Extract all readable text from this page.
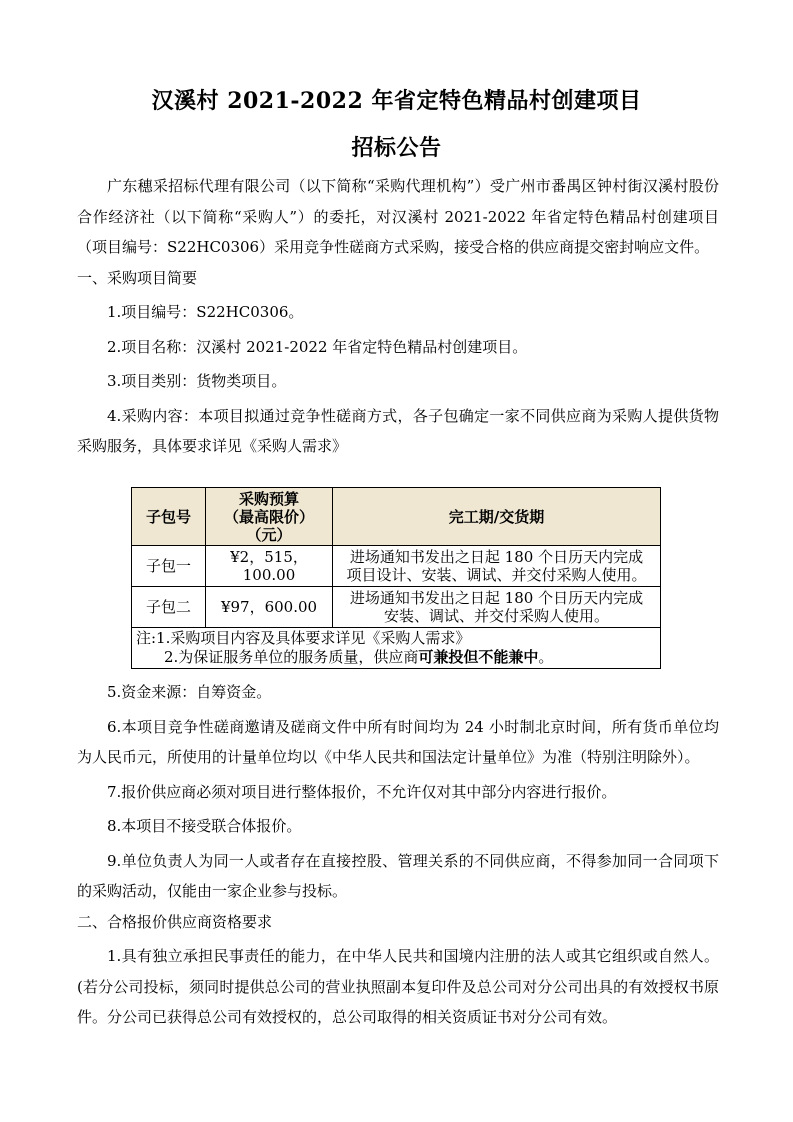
汉溪村 2021-2022 年省定特色精品村创建项目
招标公告

广东穗采招标代理有限公司（以下简称“采购代理机构”）受广州市番禺区钟村街汉溪村股份合作经济社（以下简称“采购人”）的委托，对汉溪村 2021-2022 年省定特色精品村创建项目（项目编号：S22HC0306）采用竞争性磋商方式采购，接受合格的供应商提交密封响应文件。

一、采购项目简要

1.项目编号：S22HC0306。

2.项目名称：汉溪村 2021-2022 年省定特色精品村创建项目。

3.项目类别：货物类项目。

4.采购内容：本项目拟通过竞争性磋商方式，各子包确定一家不同供应商为采购人提供货物采购服务，具体要求详见《采购人需求》

子包号	采购预算
（最高限价）
（元）	完工期/交货期
子包一	¥2，515，100.00	进场通知书发出之日起 180 个日历天内完成
项目设计、安装、调试、并交付采购人使用。

子包二	¥97，600.00	进场通知书发出之日起 180 个日历天内完成
安装、调试、并交付采购人使用。

注:1.采购项目内容及具体要求详见《采购人需求》
2.为保证服务单位的服务质量，供应商可兼投但不能兼中。		

5.资金来源：自筹资金。

6.本项目竞争性磋商邀请及磋商文件中所有时间均为 24 小时制北京时间，所有货币单位均为人民币元，所使用的计量单位均以《中华人民共和国法定计量单位》为准（特别注明除外）。

7.报价供应商必须对项目进行整体报价，不允许仅对其中部分内容进行报价。

8.本项目不接受联合体报价。

9.单位负责人为同一人或者存在直接控股、管理关系的不同供应商，不得参加同一合同项下的采购活动，仅能由一家企业参与投标。

二、合格报价供应商资格要求

1.具有独立承担民事责任的能力，在中华人民共和国境内注册的法人或其它组织或自然人。(若分公司投标，须同时提供总公司的营业执照副本复印件及总公司对分公司出具的有效授权书原件。分公司已获得总公司有效授权的，总公司取得的相关资质证书对分公司有效。
